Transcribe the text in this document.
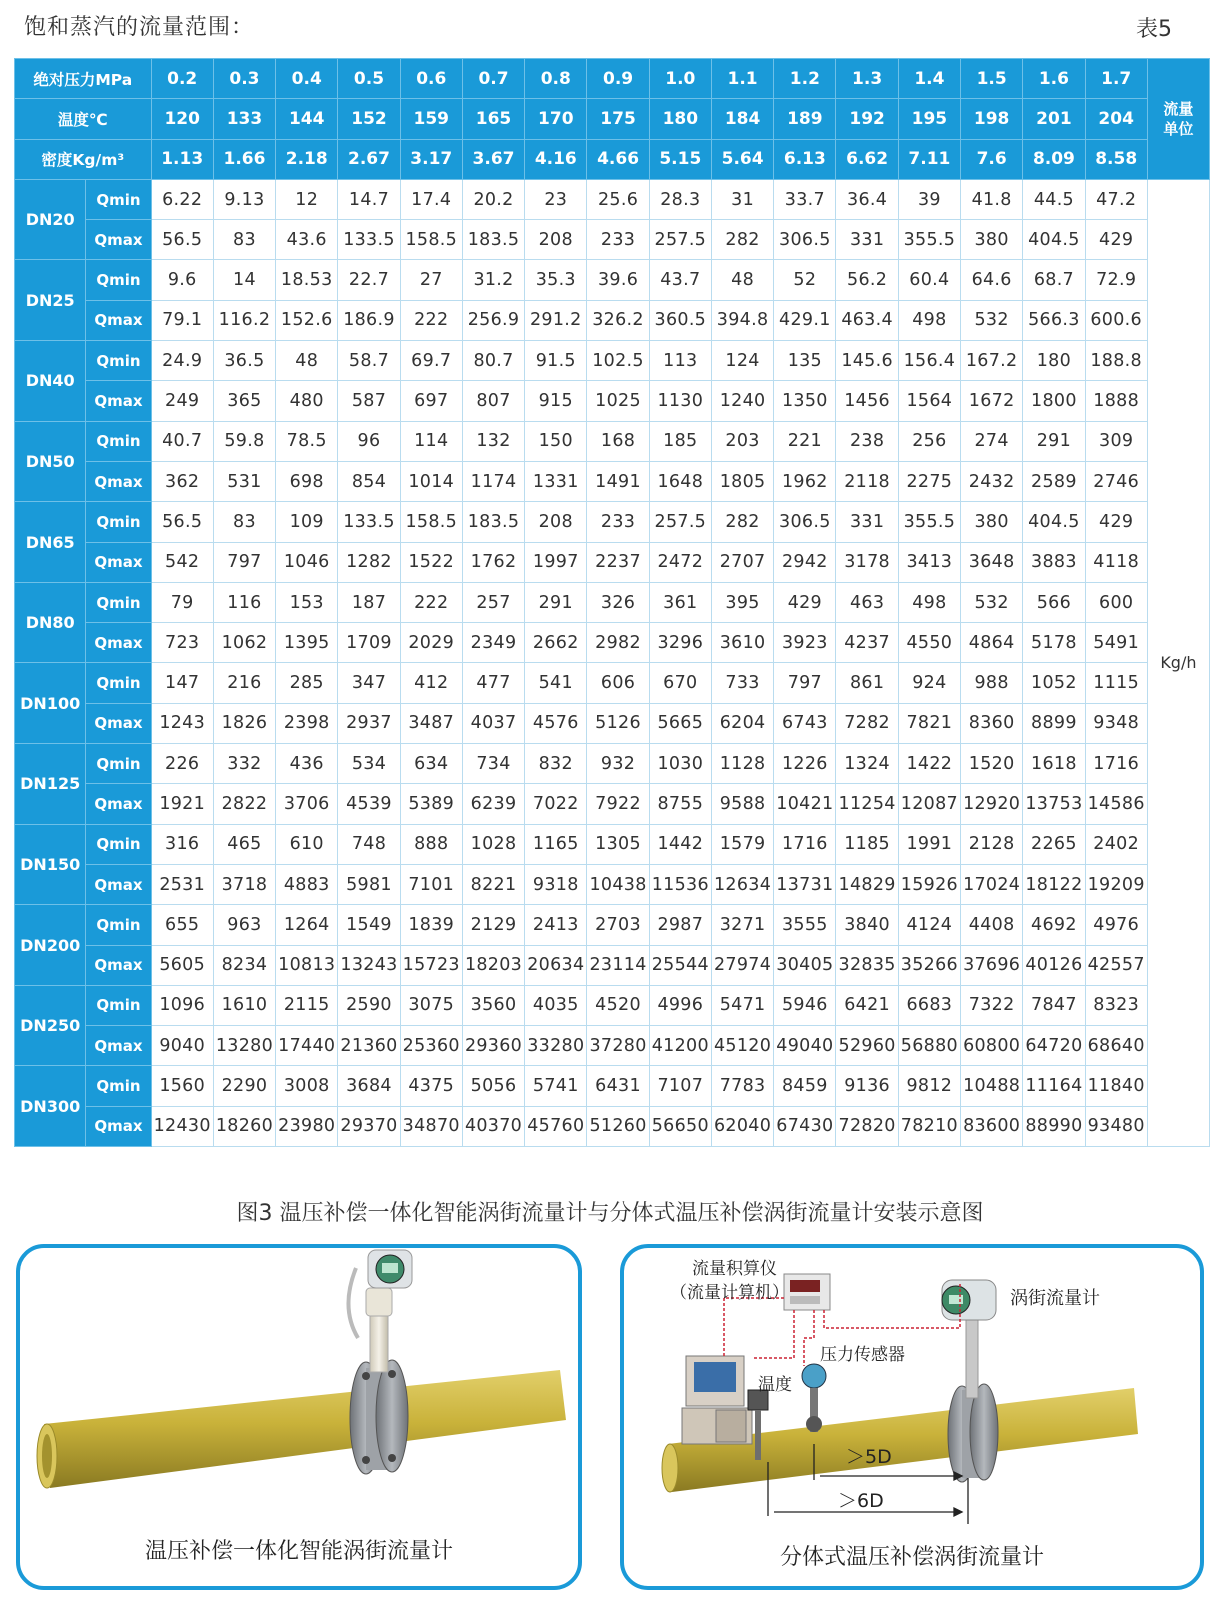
饱和蒸汽的流量范围：	表5
绝对压力MPa		0.2	0.3	0.4	0.5	0.6	0.7	0.8	0.9	1.0	1.1	1.2	1.3	1.4	1.5	1.6	1.7	流量
单位
温度℃		120	133	144	152	159	165	170	175	180	184	189	192	195	198	201	204	
密度Kg/m³		1.13	1.66	2.18	2.67	3.17	3.67	4.16	4.66	5.15	5.64	6.13	6.62	7.11	7.6	8.09	8.58	
DN20	Qmin	6.22	9.13	12	14.7	17.4	20.2	23	25.6	28.3	31	33.7	36.4	39	41.8	44.5	47.2	Kg/h
	Qmax	56.5	83	43.6	133.5	158.5	183.5	208	233	257.5	282	306.5	331	355.5	380	404.5	429	
DN25	Qmin	9.6	14	18.53	22.7	27	31.2	35.3	39.6	43.7	48	52	56.2	60.4	64.6	68.7	72.9	
	Qmax	79.1	116.2	152.6	186.9	222	256.9	291.2	326.2	360.5	394.8	429.1	463.4	498	532	566.3	600.6	
DN40	Qmin	24.9	36.5	48	58.7	69.7	80.7	91.5	102.5	113	124	135	145.6	156.4	167.2	180	188.8	
	Qmax	249	365	480	587	697	807	915	1025	1130	1240	1350	1456	1564	1672	1800	1888	
DN50	Qmin	40.7	59.8	78.5	96	114	132	150	168	185	203	221	238	256	274	291	309	
	Qmax	362	531	698	854	1014	1174	1331	1491	1648	1805	1962	2118	2275	2432	2589	2746	
DN65	Qmin	56.5	83	109	133.5	158.5	183.5	208	233	257.5	282	306.5	331	355.5	380	404.5	429	
	Qmax	542	797	1046	1282	1522	1762	1997	2237	2472	2707	2942	3178	3413	3648	3883	4118	
DN80	Qmin	79	116	153	187	222	257	291	326	361	395	429	463	498	532	566	600	
	Qmax	723	1062	1395	1709	2029	2349	2662	2982	3296	3610	3923	4237	4550	4864	5178	5491	
DN100	Qmin	147	216	285	347	412	477	541	606	670	733	797	861	924	988	1052	1115	
	Qmax	1243	1826	2398	2937	3487	4037	4576	5126	5665	6204	6743	7282	7821	8360	8899	9348	
DN125	Qmin	226	332	436	534	634	734	832	932	1030	1128	1226	1324	1422	1520	1618	1716	
	Qmax	1921	2822	3706	4539	5389	6239	7022	7922	8755	9588	10421	11254	12087	12920	13753	14586	
DN150	Qmin	316	465	610	748	888	1028	1165	1305	1442	1579	1716	1185	1991	2128	2265	2402	
	Qmax	2531	3718	4883	5981	7101	8221	9318	10438	11536	12634	13731	14829	15926	17024	18122	19209	
DN200	Qmin	655	963	1264	1549	1839	2129	2413	2703	2987	3271	3555	3840	4124	4408	4692	4976	
	Qmax	5605	8234	10813	13243	15723	18203	20634	23114	25544	27974	30405	32835	35266	37696	40126	42557	
DN250	Qmin	1096	1610	2115	2590	3075	3560	4035	4520	4996	5471	5946	6421	6683	7322	7847	8323	
	Qmax	9040	13280	17440	21360	25360	29360	33280	37280	41200	45120	49040	52960	56880	60800	64720	68640	
DN300	Qmin	1560	2290	3008	3684	4375	5056	5741	6431	7107	7783	8459	9136	9812	10488	11164	11840	
	Qmax	12430	18260	23980	29370	34870	40370	45760	51260	56650	62040	67430	72820	78210	83600	88990	93480	
图3 温压补偿一体化智能涡街流量计与分体式温压补偿涡街流量计安装示意图
温压补偿一体化智能涡街流量计
流量积算仪
（流量计算机）	涡街流量计
压力传感器
温度
＞5D
＞6D
分体式温压补偿涡街流量计
